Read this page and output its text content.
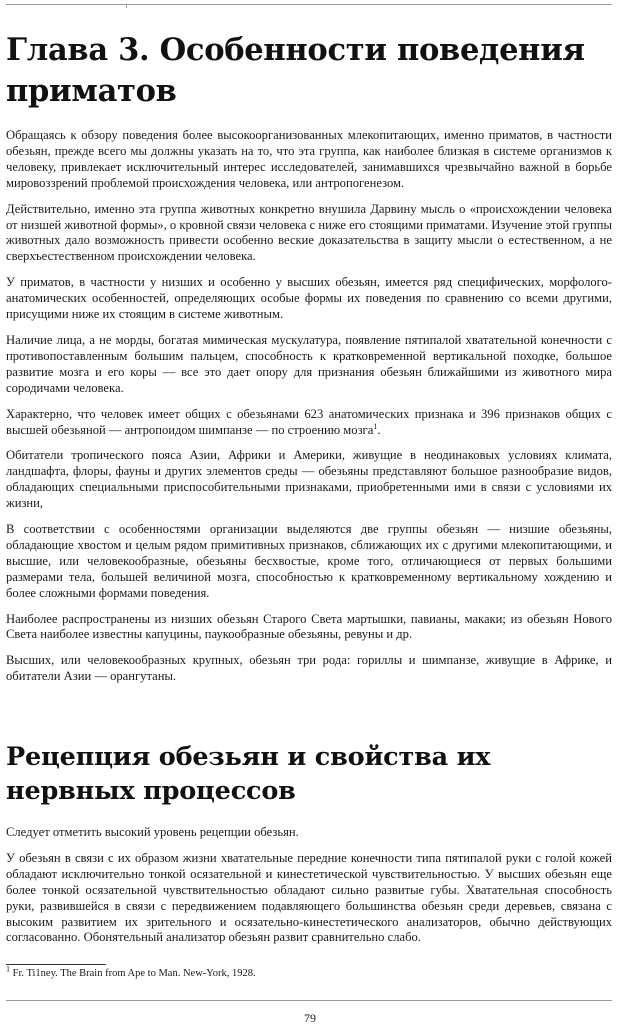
Глава 3. Особенности поведения приматов

Обращаясь к обзору поведения более высокоорганизованных млекопитающих, именно приматов, в частности обезьян, прежде всего мы должны указать на то, что эта группа, как наиболее близкая в системе организмов к человеку, привлекает исключительный интерес исследователей, занимавшихся чрезвычайно важной в борьбе мировоззрений проблемой происхождения человека, или антропогенезом.

Действительно, именно эта группа животных конкретно внушила Дарвину мысль о «происхождении человека от низшей животной формы», о кровной связи человека с ниже его стоящими приматами. Изучение этой группы животных дало возможность привести особенно веские доказательства в защиту мысли о естественном, а не сверхъестественном происхождении человека.

У приматов, в частности у низших и особенно у высших обезьян, имеется ряд специфических, морфолого-анатомических особенностей, определяющих особые формы их поведения по сравнению со всеми другими, присущими ниже их стоящим в системе животным.

Наличие лица, а не морды, богатая мимическая мускулатура, появление пятипалой хватательной конечности с противопоставленным большим пальцем, способность к кратковременной вертикальной походке, большое развитие мозга и его коры — все это дает опору для признания обезьян ближайшими из животного мира сородичами человека.

Характерно, что человек имеет общих с обезьянами 623 анатомических признака и 396 признаков общих с высшей обезьяной — антропоидом шимпанзе — по строению мозга$^1$.

Обитатели тропического пояса Азии, Африки и Америки, живущие в неодинаковых условиях климата, ландшафта, флоры, фауны и других элементов среды — обезьяны представляют большое разнообразие видов, обладающих специальными приспособительными признаками, приобретенными ими в связи с условиями их жизни,

В соответствии с особенностями организации выделяются две группы обезьян — низшие обезьяны, обладающие хвостом и целым рядом примитивных признаков, сближающих их с другими млекопитающими, и высшие, или человекообразные, обезьяны бесхвостые, кроме того, отличающиеся от первых большими размерами тела, большей величиной мозга, способностью к кратковременному вертикальному хождению и более сложными формами поведения.

Наиболее распространены из низших обезьян Старого Света мартышки, павианы, макаки; из обезьян Нового Света наиболее известны капуцины, паукообразные обезьяны, ревуны и др.

Высших, или человекообразных крупных, обезьян три рода: гориллы и шимпанзе, живущие в Африке, и обитатели Азии — орангутаны.

Рецепция обезьян и свойства их нервных процессов

Следует отметить высокий уровень рецепции обезьян.

У обезьян в связи с их образом жизни хватательные передние конечности типа пятипалой руки с голой кожей обладают исключительно тонкой осязательной и кинестетической чувствительностью. У высших обезьян еще более тонкой осязательной чувствительностью обладают сильно развитые губы. Хватательная способность руки, развившейся в связи с передвижением подавляющего большинства обезьян среди деревьев, связана с высоким развитием их зрительного и осязательно-кинестетического анализаторов, обычно действующих согласованно. Обонятельный анализатор обезьян развит сравнительно слабо.

$^1$ Fr. Ti1ney. The Brain from Ape to Man. New-York, 1928.
79
